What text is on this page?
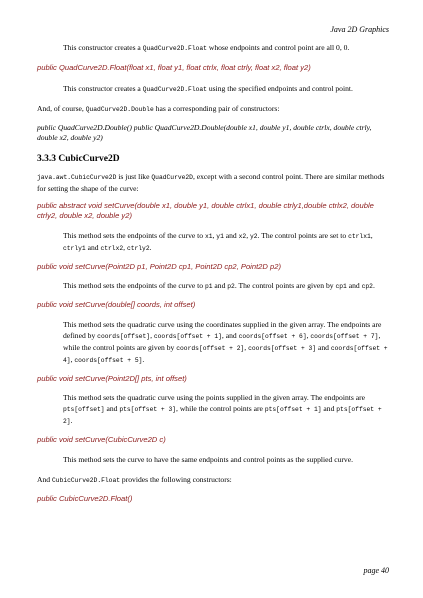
Java 2D Graphics

This constructor creates a QuadCurve2D.Float whose endpoints and control point are all 0, 0.

public QuadCurve2D.Float(float x1, float y1, float ctrlx, float ctrly, float x2, float y2)

This constructor creates a QuadCurve2D.Float using the specified endpoints and control point.

And, of course, QuadCurve2D.Double has a corresponding pair of constructors:

public QuadCurve2D.Double() public QuadCurve2D.Double(double x1, double y1, double ctrlx, double ctrly, double x2, double y2)

3.3.3 CubicCurve2D

java.awt.CubicCurve2D is just like QuadCurve2D, except with a second control point. There are similar methods for setting the shape of the curve:

public abstract void setCurve(double x1, double y1, double ctrlx1, double ctrly1,double ctrlx2, double ctrly2, double x2, double y2)

This method sets the endpoints of the curve to x1, y1 and x2, y2. The control points are set to ctrlx1, ctrly1 and ctrlx2, ctrly2.

public void setCurve(Point2D p1, Point2D cp1, Point2D cp2, Point2D p2)

This method sets the endpoints of the curve to p1 and p2. The control points are given by cp1 and cp2.

public void setCurve(double[] coords, int offset)

This method sets the quadratic curve using the coordinates supplied in the given array. The endpoints are defined by coords[offset], coords[offset + 1], and coords[offset + 6], coords[offset + 7], while the control points are given by coords[offset + 2], coords[offset + 3] and coords[offset + 4], coords[offset + 5].

public void setCurve(Point2D[] pts, int offset)

This method sets the quadratic curve using the points supplied in the given array. The endpoints are pts[offset] and pts[offset + 3], while the control points are pts[offset + 1] and pts[offset + 2].

public void setCurve(CubicCurve2D c)

This method sets the curve to have the same endpoints and control points as the supplied curve.

And CubicCurve2D.Float provides the following constructors:

public CubicCurve2D.Float()

page 40
